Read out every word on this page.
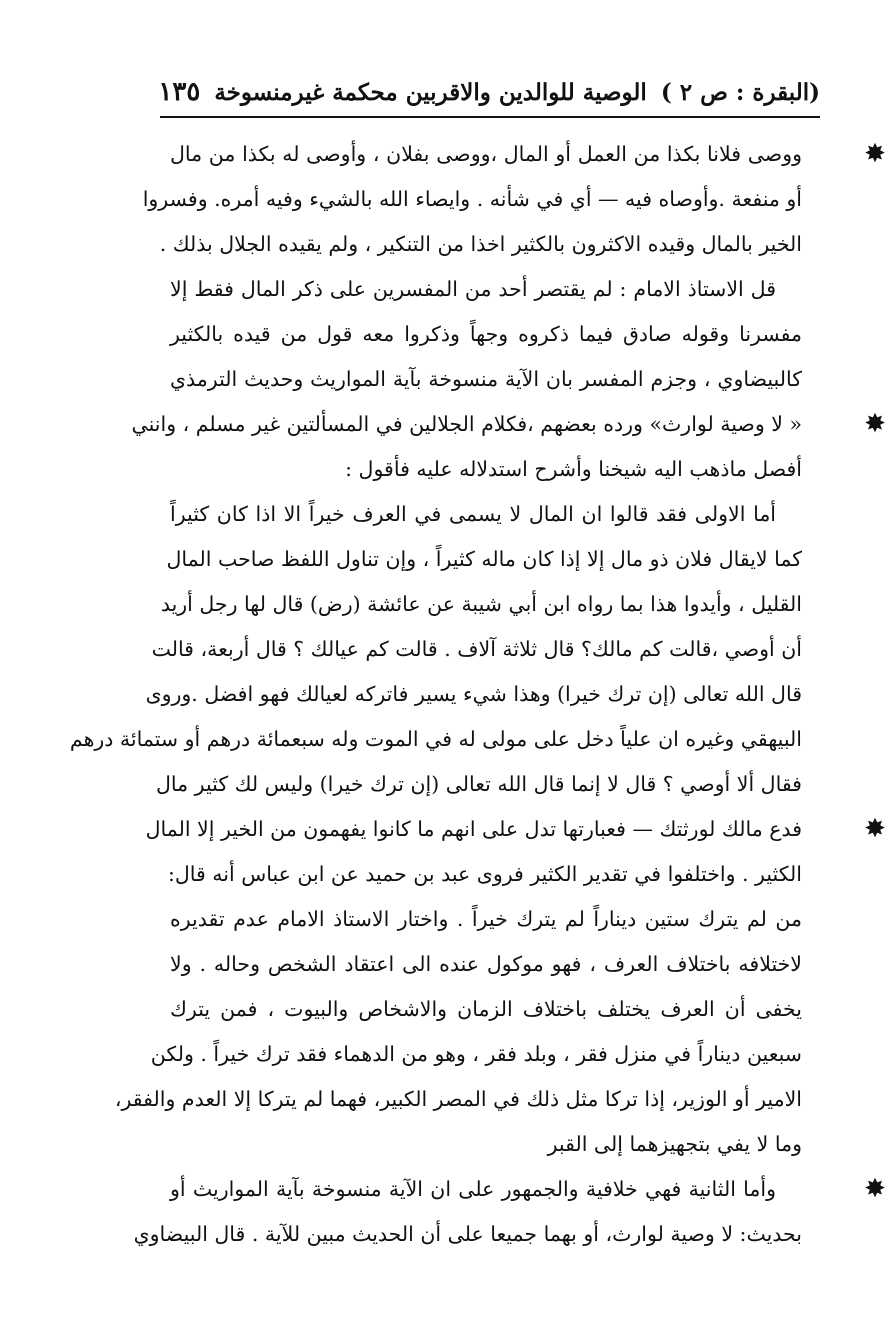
(البقرة : ص ٢ )
الوصية للوالدين والاقربين محكمة غيرمنسوخة
١٣٥
ووصى فلانا بكذا من العمل أو المال ،ووصى بفلان ، وأوصى له بكذا من مال
أو منفعة .وأوصاه فيه — أي في شأنه . وايصاء الله بالشيء وفيه أمره. وفسروا
الخير بالمال وقيده الاكثرون بالكثير اخذا من التنكير ، ولم يقيده الجلال بذلك .
قل الاستاذ الامام : لم يقتصر أحد من المفسرين على ذكر المال فقط إلا
مفسرنا وقوله صادق فيما ذكروه وجهاً وذكروا معه قول من قيده بالكثير
كالبيضاوي ، وجزم المفسر بان الآية منسوخة بآية المواريث وحديث الترمذي
« لا وصية لوارث» ورده بعضهم ،فكلام الجلالين في المسألتين غير مسلم ، وانني
أفصل ماذهب اليه شيخنا وأشرح استدلاله عليه فأقول :
أما الاولى فقد قالوا ان المال لا يسمى في العرف خيراً الا اذا كان كثيراً
كما لايقال فلان ذو مال إلا إذا كان ماله كثيراً ، وإن تناول اللفظ صاحب المال
القليل ، وأيدوا هذا بما رواه ابن أبي شيبة عن عائشة (رض) قال لها رجل أريد
أن أوصي ،قالت كم مالك؟ قال ثلاثة آلاف . قالت كم عيالك ؟ قال أربعة، قالت
قال الله تعالى (إن ترك خيرا) وهذا شيء يسير فاتركه لعيالك فهو افضل .وروى
البيهقي وغيره ان علياً دخل على مولى له في الموت وله سبعمائة درهم أو ستمائة درهم
فقال ألا أوصي ؟ قال لا إنما قال الله تعالى (إن ترك خيرا) وليس لك كثير مال
فدع مالك لورثتك — فعبارتها تدل على انهم ما كانوا يفهمون من الخير إلا المال
الكثير . واختلفوا في تقدير الكثير فروى عبد بن حميد عن ابن عباس أنه قال:
من لم يترك ستين ديناراً لم يترك خيراً . واختار الاستاذ الامام عدم تقديره
لاختلافه باختلاف العرف ، فهو موكول عنده الى اعتقاد الشخص وحاله . ولا
يخفى أن العرف يختلف باختلاف الزمان والاشخاص والبيوت ، فمن يترك
سبعين ديناراً في منزل فقر ، وبلد فقر ، وهو من الدهماء فقد ترك خيراً . ولكن
الامير أو الوزير، إذا تركا مثل ذلك في المصر الكبير، فهما لم يتركا إلا العدم والفقر،
وما لا يفي بتجهيزهما إلى القبر
وأما الثانية فهي خلافية والجمهور على ان الآية منسوخة بآية المواريث أو
بحديث: لا وصية لوارث، أو بهما جميعا على أن الحديث مبين للآية . قال البيضاوي
✸
✸
✸
✸
